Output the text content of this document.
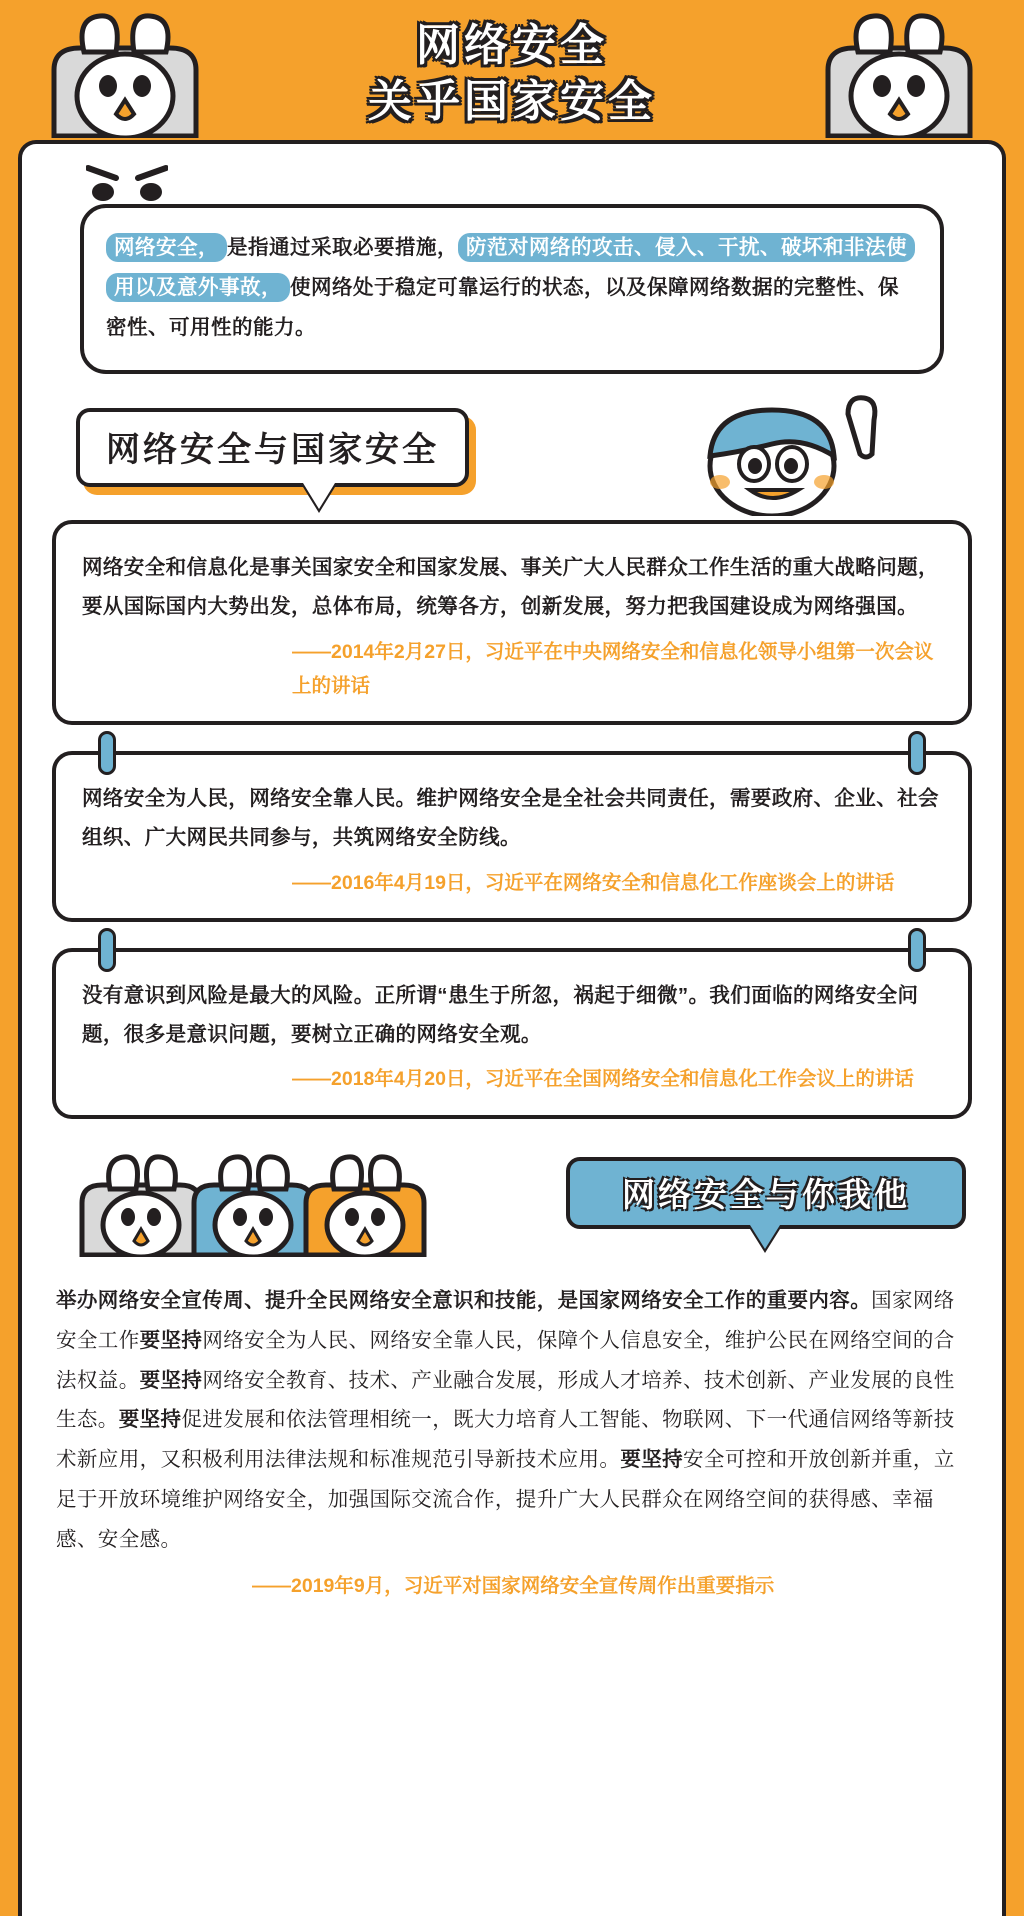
网络安全
关乎国家安全
网络安全， 是指通过采取必要措施， 防范对网络的攻击、侵入、干扰、破坏和非法使用以及意外事故， 使网络处于稳定可靠运行的状态，以及保障网络数据的完整性、保密性、可用性的能力。
网络安全与国家安全
网络安全和信息化是事关国家安全和国家发展、事关广大人民群众工作生活的重大战略问题，要从国际国内大势出发，总体布局，统筹各方，创新发展，努力把我国建设成为网络强国。
——2014年2月27日，习近平在中央网络安全和信息化领导小组第一次会议上的讲话
网络安全为人民，网络安全靠人民。维护网络安全是全社会共同责任，需要政府、企业、社会组织、广大网民共同参与，共筑网络安全防线。
——2016年4月19日，习近平在网络安全和信息化工作座谈会上的讲话
没有意识到风险是最大的风险。正所谓“患生于所忽，祸起于细微”。我们面临的网络安全问题，很多是意识问题，要树立正确的网络安全观。
——2018年4月20日，习近平在全国网络安全和信息化工作会议上的讲话
网络安全与你我他
举办网络安全宣传周、提升全民网络安全意识和技能，是国家网络安全工作的重要内容。国家网络安全工作要坚持网络安全为人民、网络安全靠人民，保障个人信息安全，维护公民在网络空间的合法权益。要坚持网络安全教育、技术、产业融合发展，形成人才培养、技术创新、产业发展的良性生态。要坚持促进发展和依法管理相统一，既大力培育人工智能、物联网、下一代通信网络等新技术新应用，又积极利用法律法规和标准规范引导新技术应用。要坚持安全可控和开放创新并重，立足于开放环境维护网络安全，加强国际交流合作，提升广大人民群众在网络空间的获得感、幸福感、安全感。
——2019年9月，习近平对国家网络安全宣传周作出重要指示
